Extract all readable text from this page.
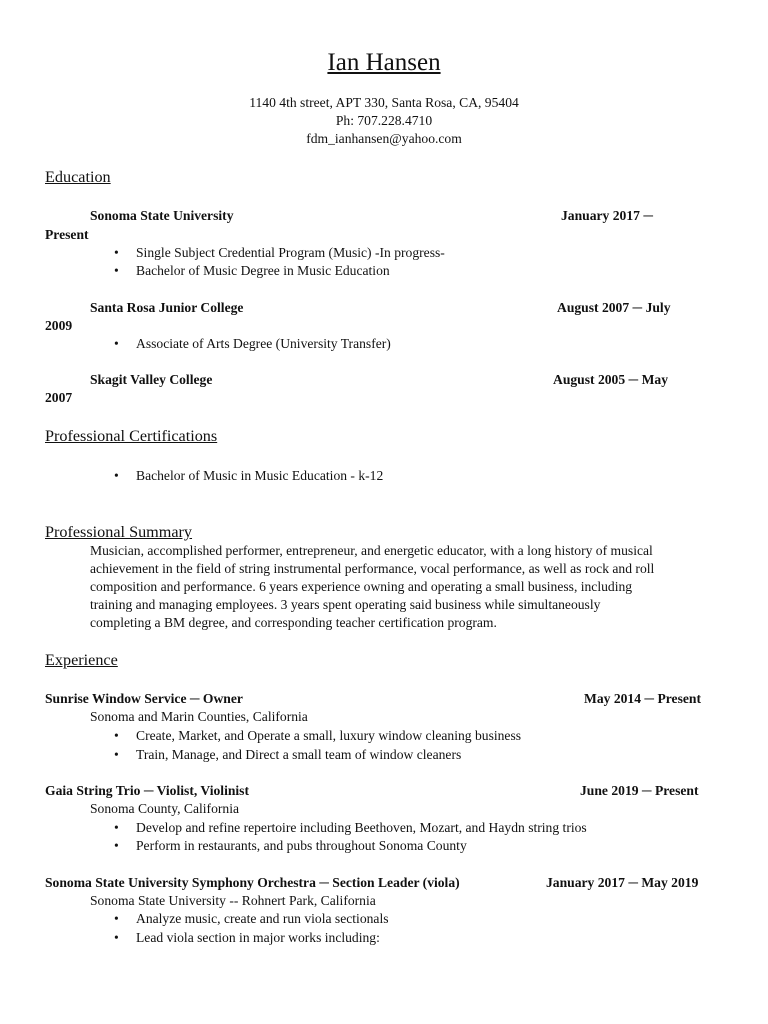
Ian Hansen
1140 4th street, APT 330, Santa Rosa, CA, 95404
Ph: 707.228.4710
fdm_ianhansen@yahoo.com
Education
Sonoma State University	January 2017 ─
Present
• Single Subject Credential Program (Music) -In progress-
• Bachelor of Music Degree in Music Education
Santa Rosa Junior College	August 2007 ─ July
2009
• Associate of Arts Degree (University Transfer)
Skagit Valley College	August 2005 ─ May
2007
Professional Certifications
• Bachelor of Music in Music Education - k-12
Professional Summary
Musician, accomplished performer, entrepreneur, and energetic educator, with a long history of musical
achievement in the field of string instrumental performance, vocal performance, as well as rock and roll
composition and performance. 6 years experience owning and operating a small business, including
training and managing employees. 3 years spent operating said business while simultaneously
completing a BM degree, and corresponding teacher certification program.
Experience
Sunrise Window Service ─ Owner	May 2014 ─ Present
Sonoma and Marin Counties, California
• Create, Market, and Operate a small, luxury window cleaning business
• Train, Manage, and Direct a small team of window cleaners
Gaia String Trio ─ Violist, Violinist	June 2019 ─ Present
Sonoma County, California
• Develop and refine repertoire including Beethoven, Mozart, and Haydn string trios
• Perform in restaurants, and pubs throughout Sonoma County
Sonoma State University Symphony Orchestra ─ Section Leader (viola)	January 2017 ─ May 2019
Sonoma State University -- Rohnert Park, California
• Analyze music, create and run viola sectionals
• Lead viola section in major works including:
